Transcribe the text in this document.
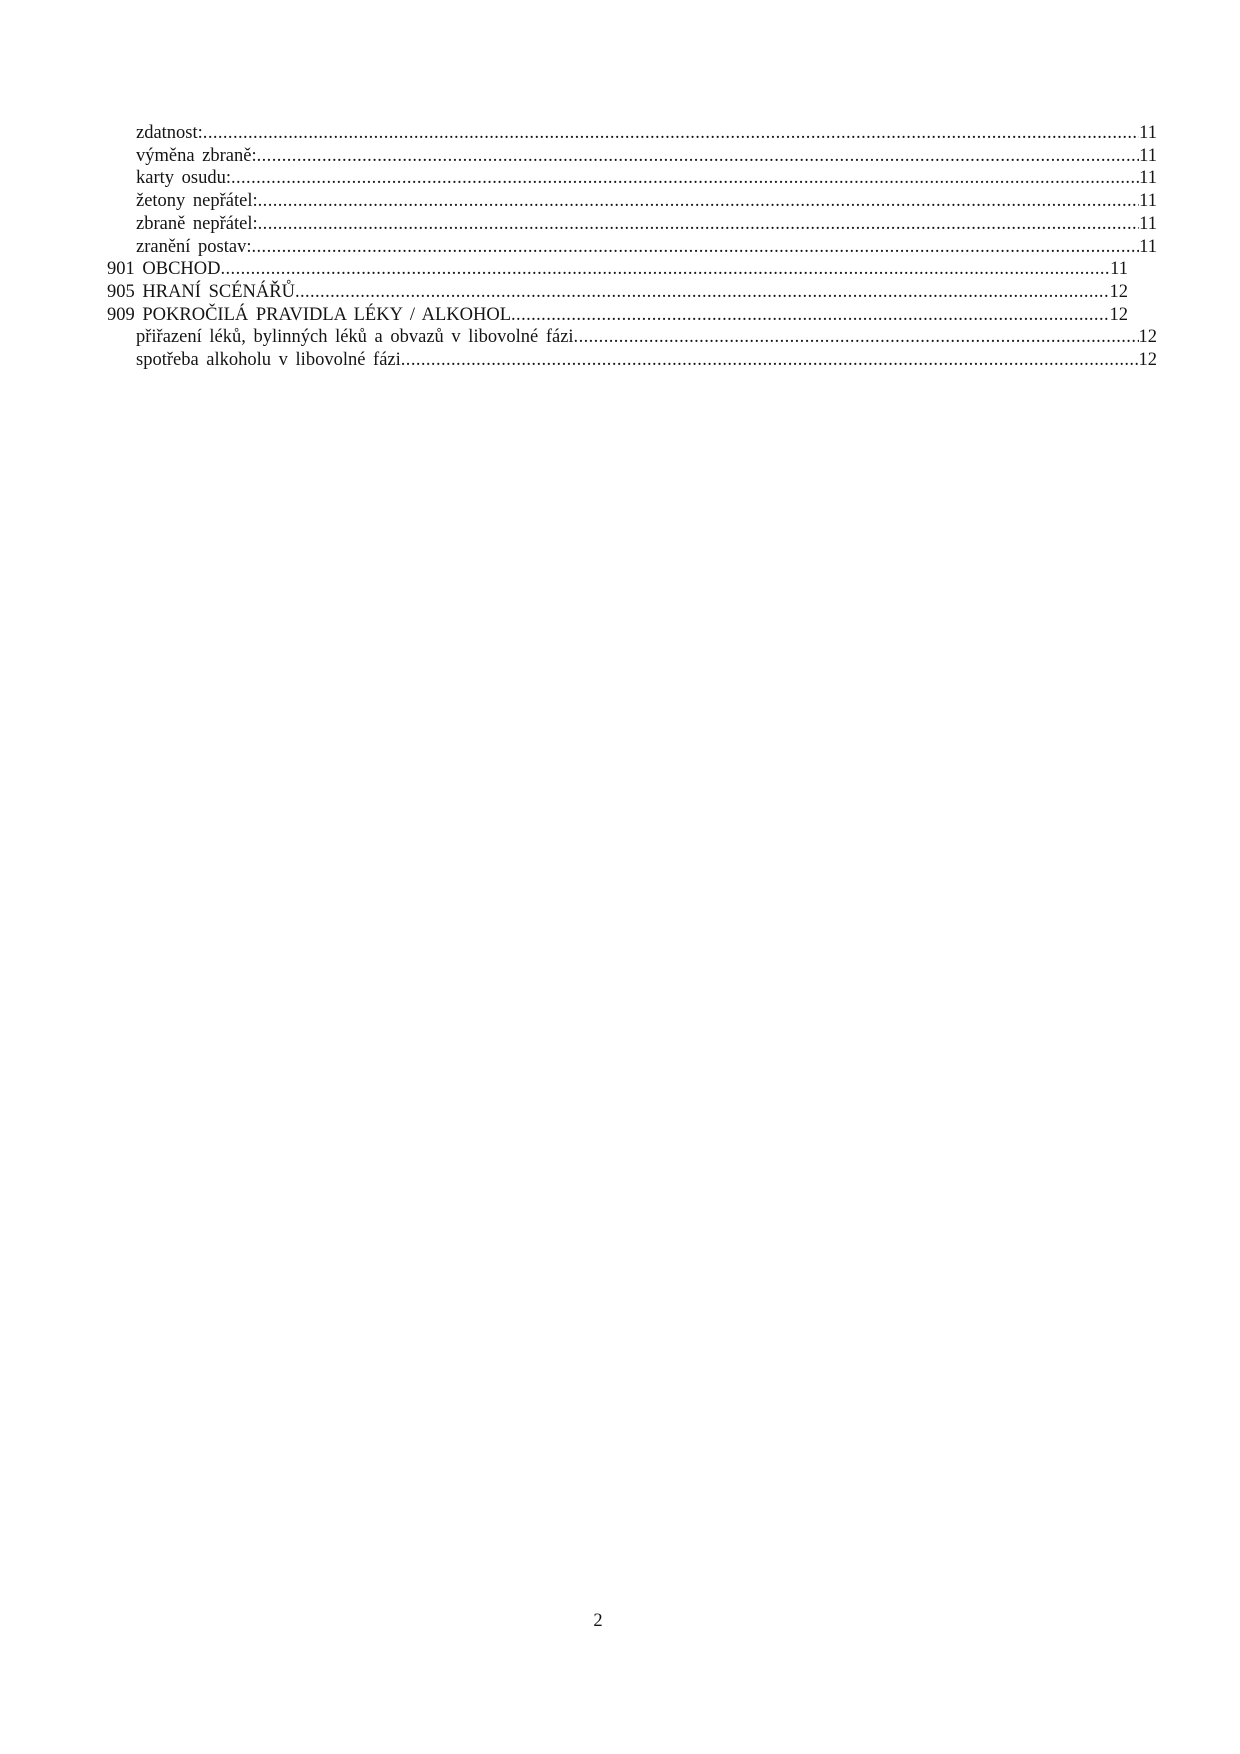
zdatnost: .....	11
výměna zbraně: .....	11
karty osudu: .....	11
žetony nepřátel: .....	11
zbraně nepřátel: .....	11
zranění postav: .....	11
901 OBCHOD .....	11
905 HRANÍ SCÉNÁŘŮ .....	12
909 POKROČILÁ PRAVIDLA LÉKY / ALKOHOL .....	12
přiřazení léků, bylinných léků a obvazů v libovolné fázi .....	12
spotřeba alkoholu v libovolné fázi .....	12
2
